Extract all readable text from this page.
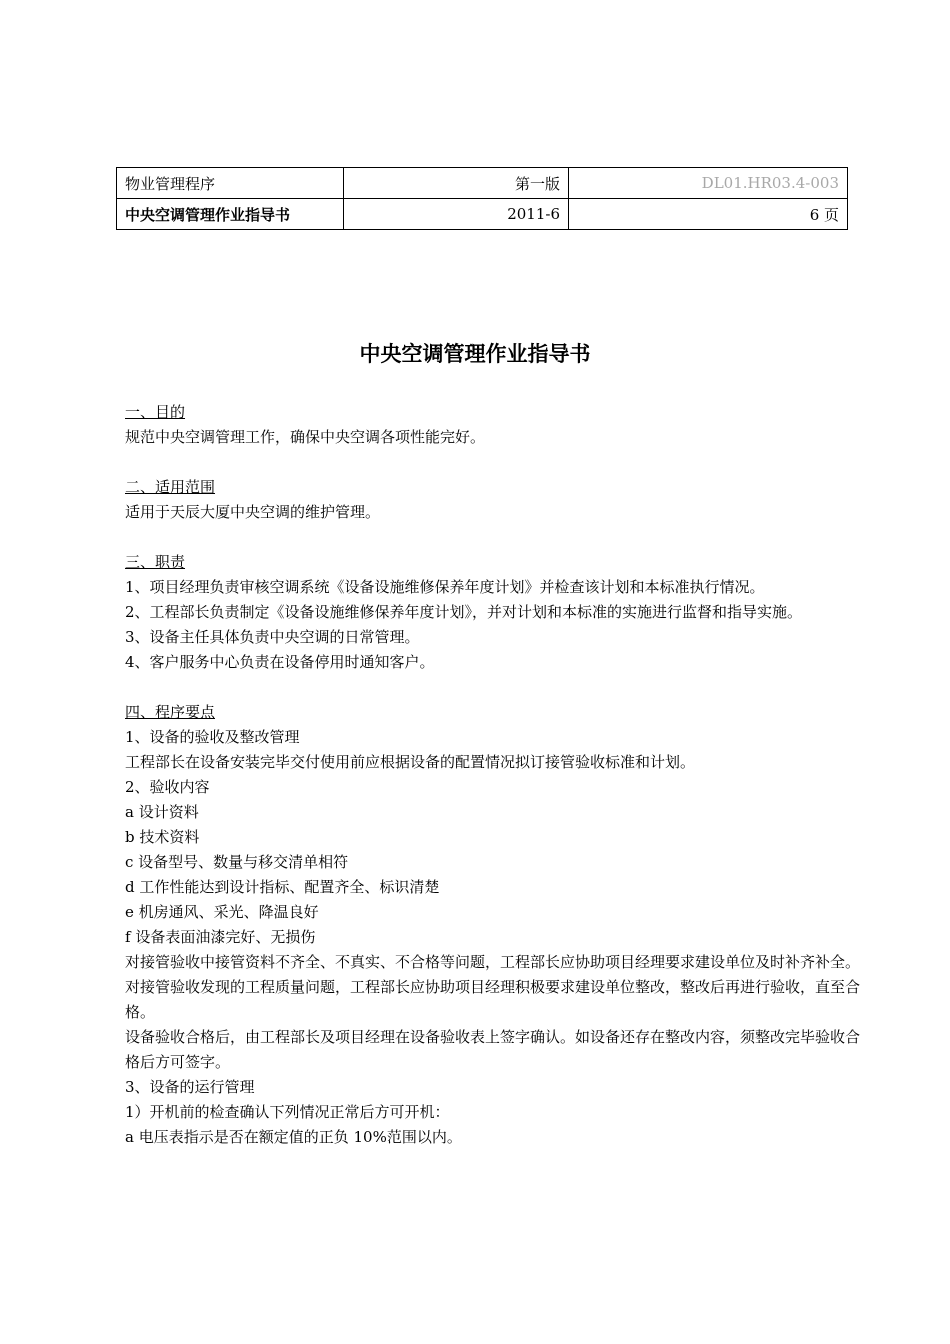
物业管理程序	第一版	DL01.HR03.4-003
中央空调管理作业指导书	2011-6	6 页
中央空调管理作业指导书

一、目的

规范中央空调管理工作，确保中央空调各项性能完好。

二、适用范围

适用于天辰大厦中央空调的维护管理。

三、职责

1、项目经理负责审核空调系统《设备设施维修保养年度计划》并检查该计划和本标准执行情况。

2、工程部长负责制定《设备设施维修保养年度计划》，并对计划和本标准的实施进行监督和指导实施。

3、设备主任具体负责中央空调的日常管理。

4、客户服务中心负责在设备停用时通知客户。

四、程序要点

1、设备的验收及整改管理

工程部长在设备安装完毕交付使用前应根据设备的配置情况拟订接管验收标准和计划。

2、验收内容

a 设计资料

b 技术资料

c 设备型号、数量与移交清单相符

d 工作性能达到设计指标、配置齐全、标识清楚

e 机房通风、采光、降温良好

f 设备表面油漆完好、无损伤

对接管验收中接管资料不齐全、不真实、不合格等问题，工程部长应协助项目经理要求建设单位及时补齐补全。

对接管验收发现的工程质量问题，工程部长应协助项目经理积极要求建设单位整改，整改后再进行验收，直至合格。

设备验收合格后，由工程部长及项目经理在设备验收表上签字确认。如设备还存在整改内容，须整改完毕验收合格后方可签字。

3、设备的运行管理

1）开机前的检查确认下列情况正常后方可开机：

a 电压表指示是否在额定值的正负 10%范围以内。
